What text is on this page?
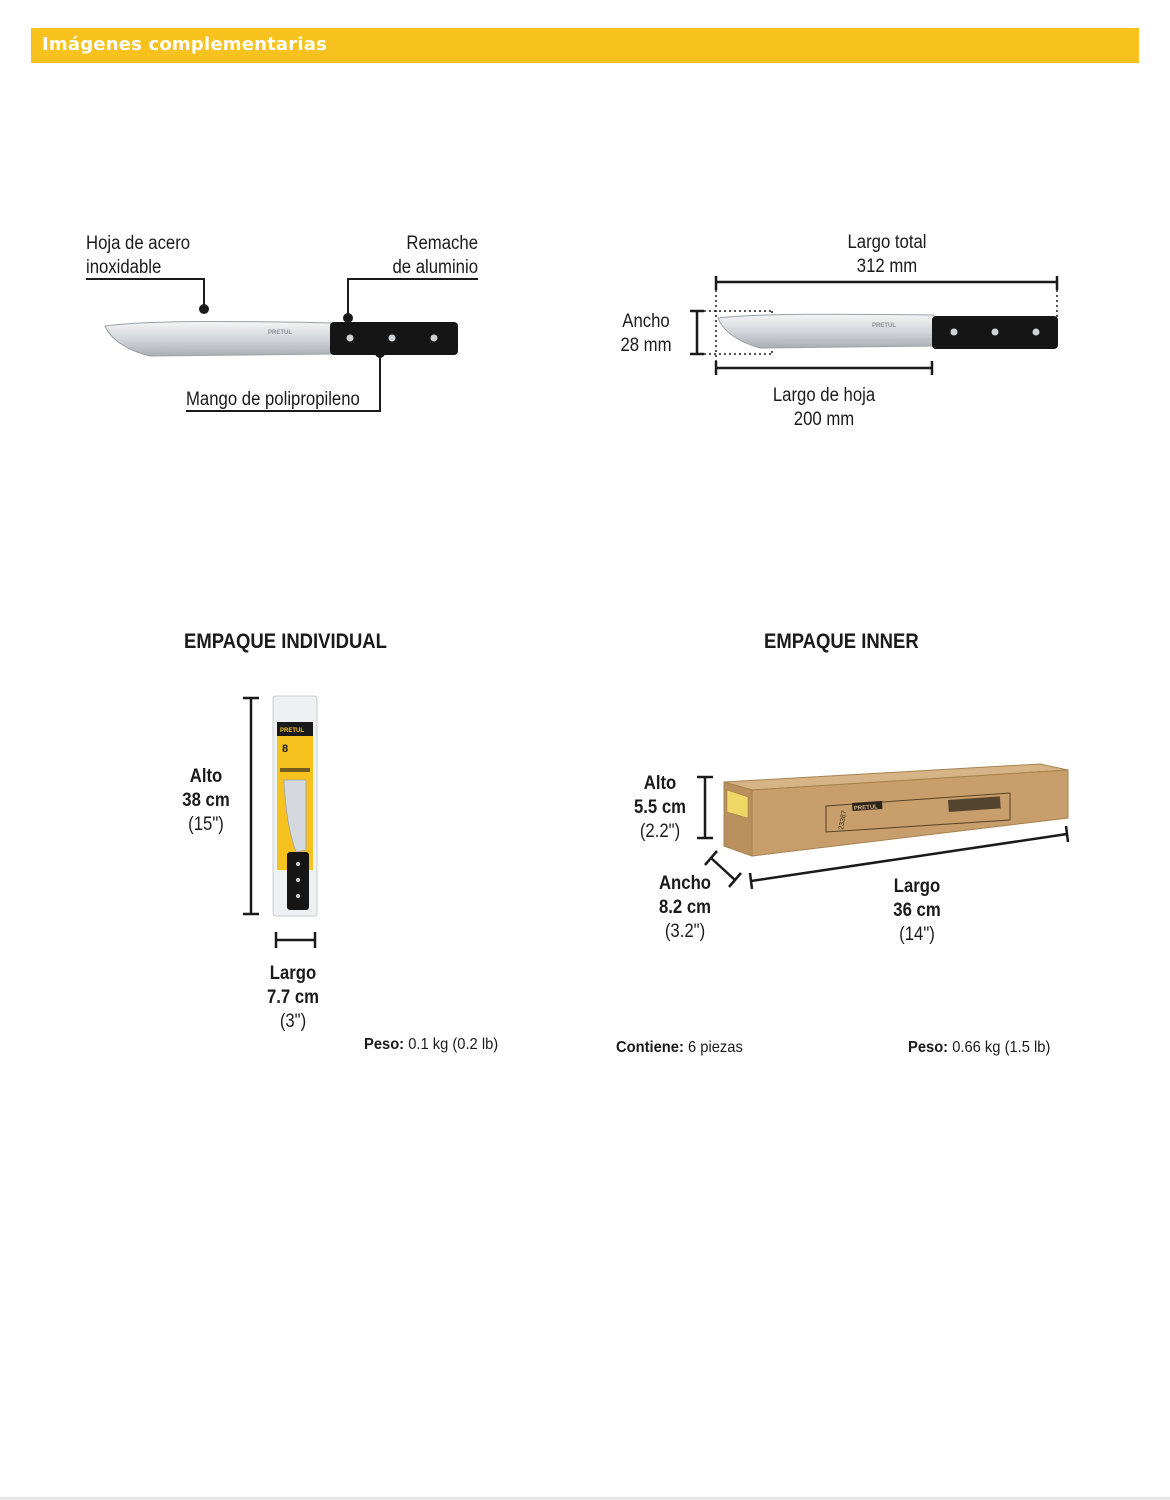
Imágenes complementarias
Hoja de acero
inoxidable
Remache
de aluminio
Mango de polipropileno
PRETUL
Largo total
312 mm
Ancho
28 mm
Largo de hoja
200 mm
PRETUL
EMPAQUE INDIVIDUAL
Alto
38 cm
(15")
Largo
7.7 cm
(3")
Peso: 0.1 kg (0.2 lb)
PRETUL
8
EMPAQUE INNER
Alto
5.5 cm
(2.2")
Ancho
8.2 cm
(3.2")
Largo
36 cm
(14")
Contiene: 6 piezas	Peso: 0.66 kg (1.5 lb)
PRETUL
23387
